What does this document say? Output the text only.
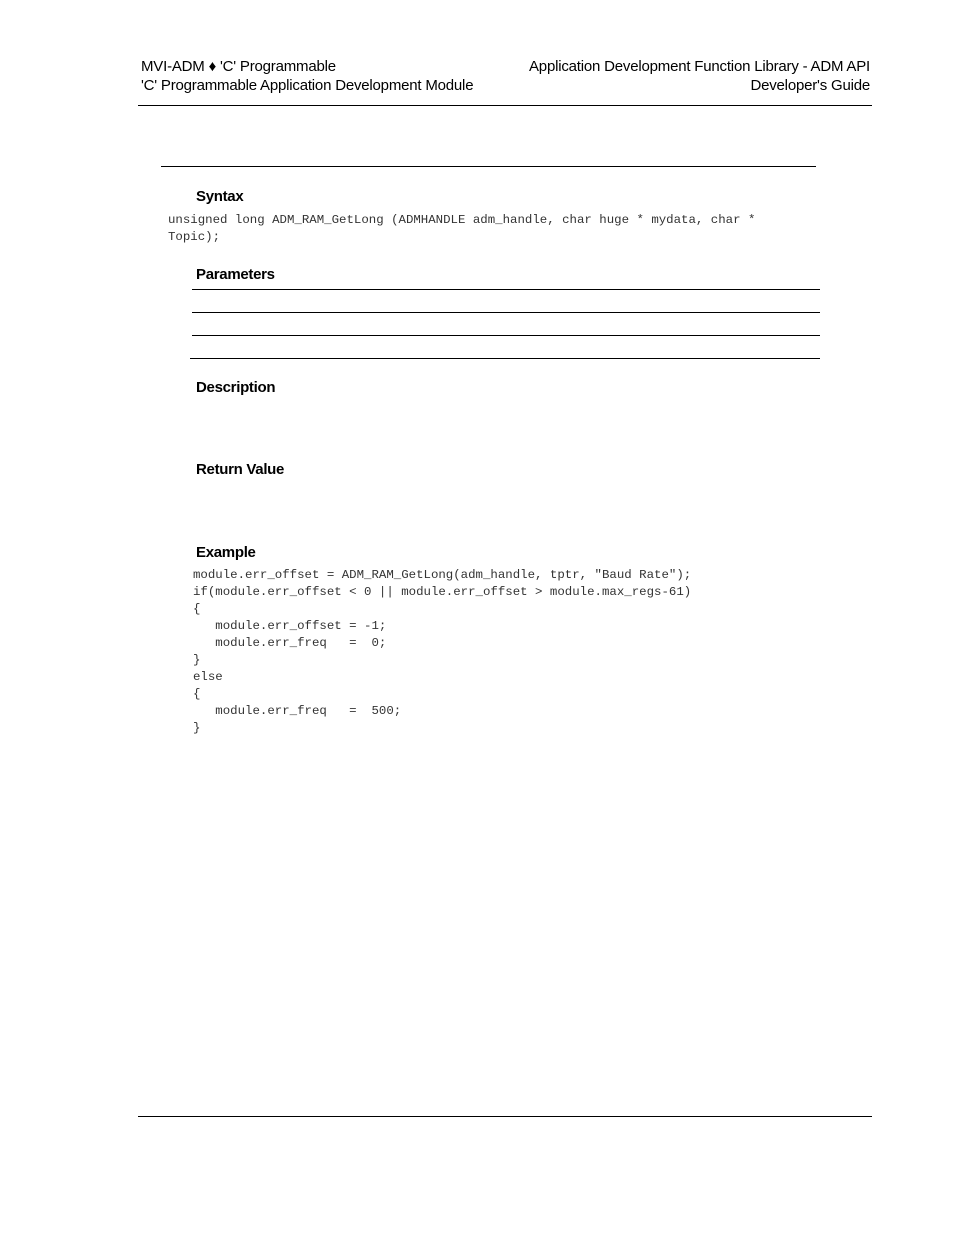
MVI-ADM ♦ 'C' Programmable
'C' Programmable Application Development Module
Application Development Function Library - ADM API
Developer's Guide
Syntax
unsigned long ADM_RAM_GetLong (ADMHANDLE adm_handle, char huge * mydata, char *
Topic);
Parameters
Description
Return Value
Example
module.err_offset = ADM_RAM_GetLong(adm_handle, tptr, "Baud Rate");
if(module.err_offset < 0 || module.err_offset > module.max_regs-61)
{
module.err_offset = -1;
module.err_freq   =  0;
}
else
{
module.err_freq   =  500;
}
